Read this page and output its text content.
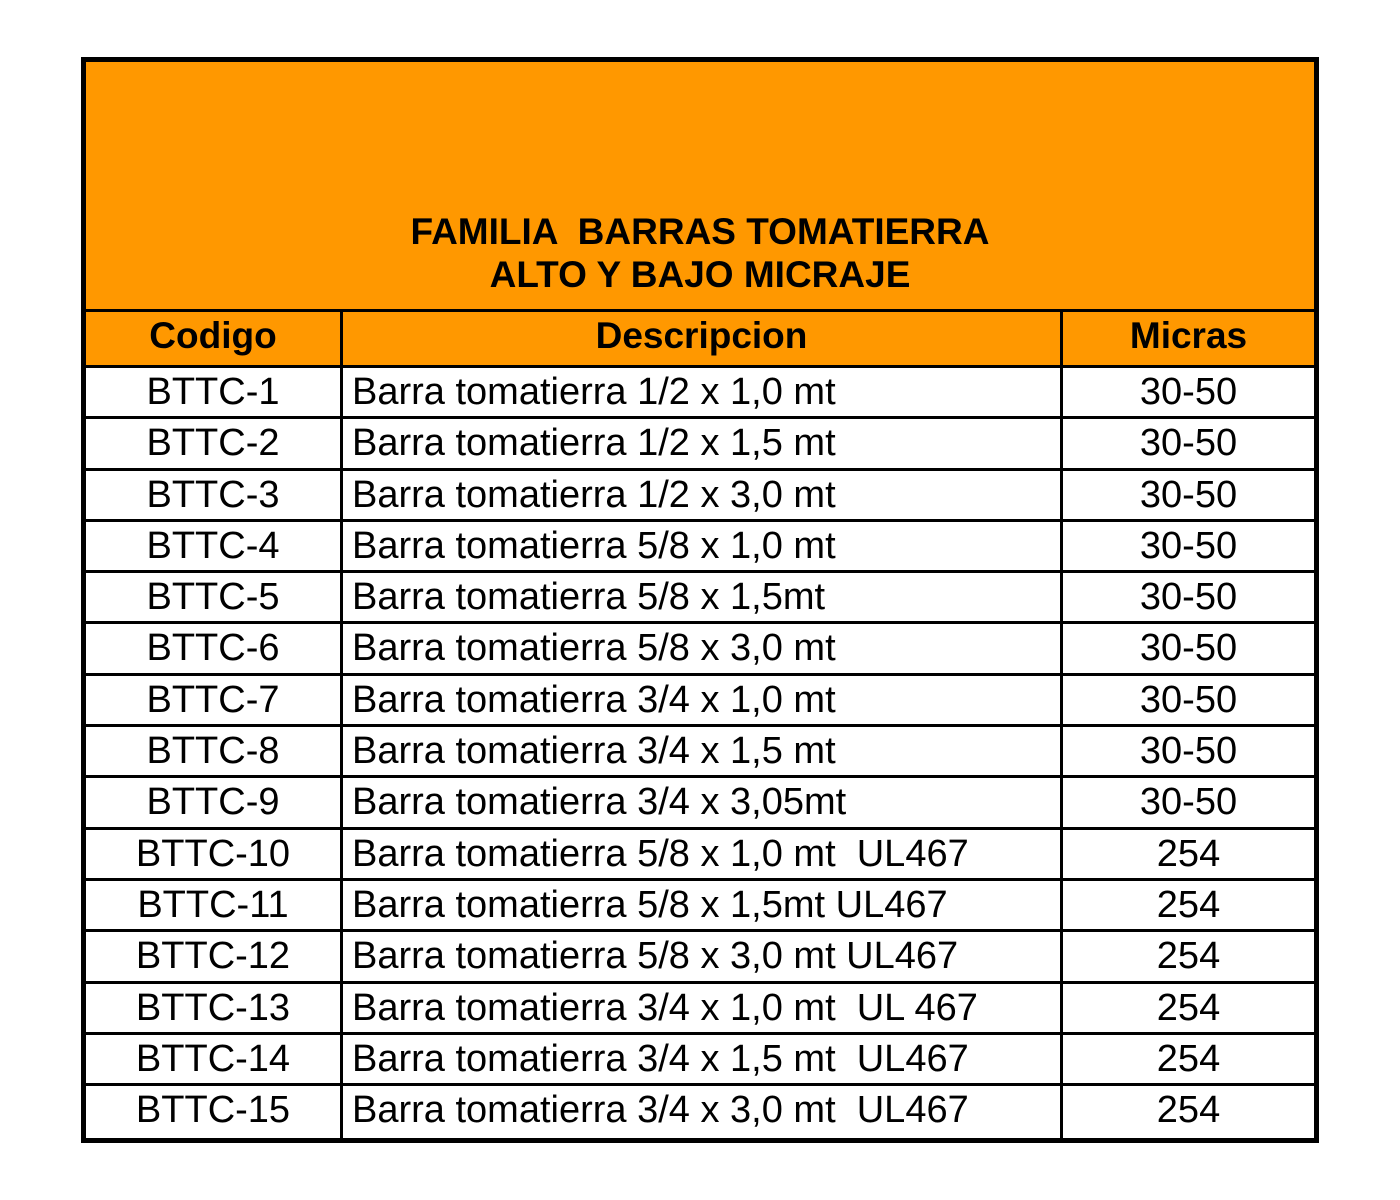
FAMILIA  BARRAS TOMATIERRA
ALTO Y BAJO MICRAJE
Codigo	Descripcion	Micras
BTTC-1	Barra tomatierra 1/2 x 1,0 mt	30-50
BTTC-2	Barra tomatierra 1/2 x 1,5 mt	30-50
BTTC-3	Barra tomatierra 1/2 x 3,0 mt	30-50
BTTC-4	Barra tomatierra 5/8 x 1,0 mt	30-50
BTTC-5	Barra tomatierra 5/8 x 1,5mt	30-50
BTTC-6	Barra tomatierra 5/8 x 3,0 mt	30-50
BTTC-7	Barra tomatierra 3/4 x 1,0 mt	30-50
BTTC-8	Barra tomatierra 3/4 x 1,5 mt	30-50
BTTC-9	Barra tomatierra 3/4 x 3,05mt	30-50
BTTC-10	Barra tomatierra 5/8 x 1,0 mt  UL467	254
BTTC-11	Barra tomatierra 5/8 x 1,5mt UL467	254
BTTC-12	Barra tomatierra 5/8 x 3,0 mt UL467	254
BTTC-13	Barra tomatierra 3/4 x 1,0 mt  UL 467	254
BTTC-14	Barra tomatierra 3/4 x 1,5 mt  UL467	254
BTTC-15	Barra tomatierra 3/4 x 3,0 mt  UL467	254
